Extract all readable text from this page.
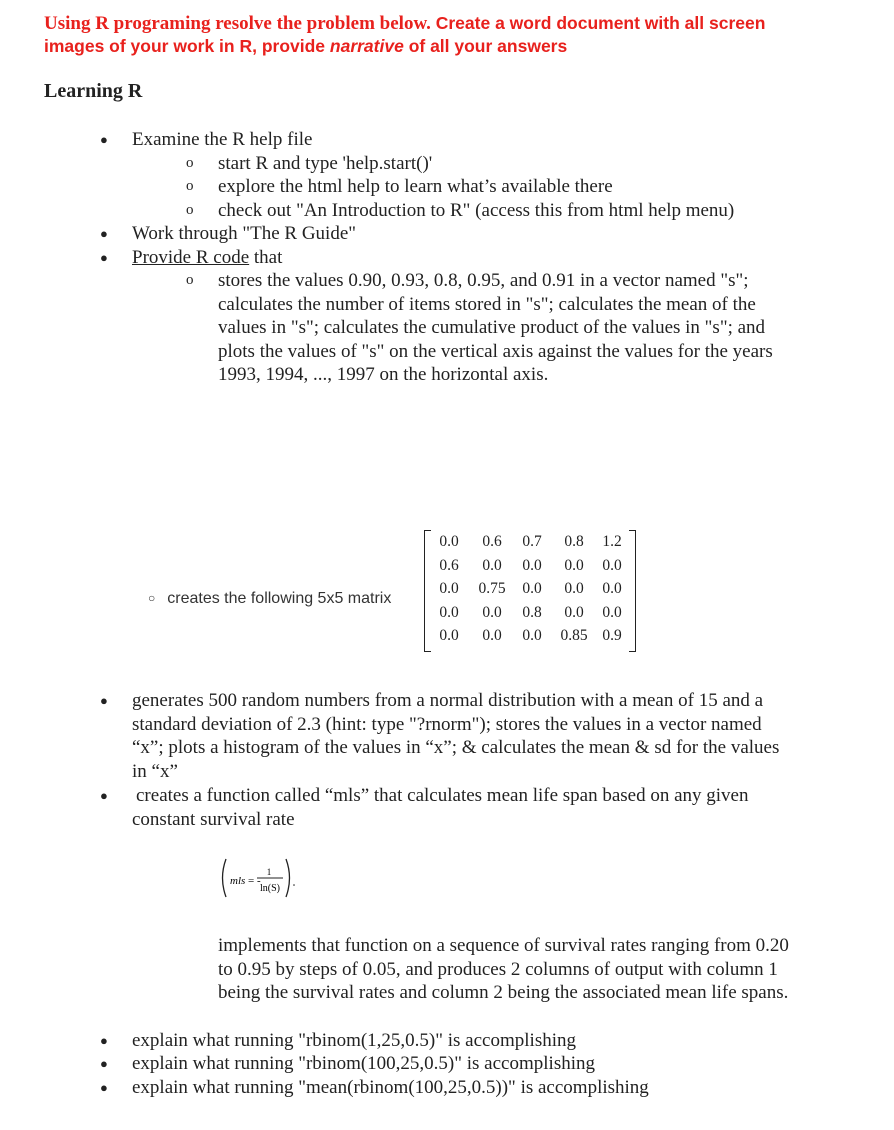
Using R programing resolve the problem below. Create a word document with all screen
images of your work in R, provide narrative of all your answers
Learning R
● Examine the R help file
o start R and type 'help.start()'
o explore the html help to learn what’s available there
o check out "An Introduction to R" (access this from html help menu)
● Work through "The R Guide"
● Provide R code that
o stores the values 0.90, 0.93, 0.8, 0.95, and 0.91 in a vector named "s";
calculates the number of items stored in "s"; calculates the mean of the
values in "s"; calculates the cumulative product of the values in "s"; and
plots the values of "s" on the vertical axis against the values for the years
1993, 1994, ..., 1997 on the horizontal axis.
○ creates the following 5x5 matrix
0.0	0.6	0.7	0.8	1.2
0.6	0.0	0.0	0.0	0.0
0.0	0.75	0.0	0.0	0.0
0.0	0.0	0.8	0.0	0.0
0.0	0.0	0.0	0.85 0.9
● generates 500 random numbers from a normal distribution with a mean of 15 and a
standard deviation of 2.3 (hint: type "?rnorm"); stores the values in a vector named
“x”; plots a histogram of the values in “x”; & calculates the mean & sd for the values
in “x”
● creates a function called “mls” that calculates mean life span based on any given
constant survival rate
mls = -
1
ln(S)
implements that function on a sequence of survival rates ranging from 0.20
to 0.95 by steps of 0.05, and produces 2 columns of output with column 1
being the survival rates and column 2 being the associated mean life spans.
● explain what running "rbinom(1,25,0.5)" is accomplishing
● explain what running "rbinom(100,25,0.5)" is accomplishing
● explain what running "mean(rbinom(100,25,0.5))" is accomplishing
